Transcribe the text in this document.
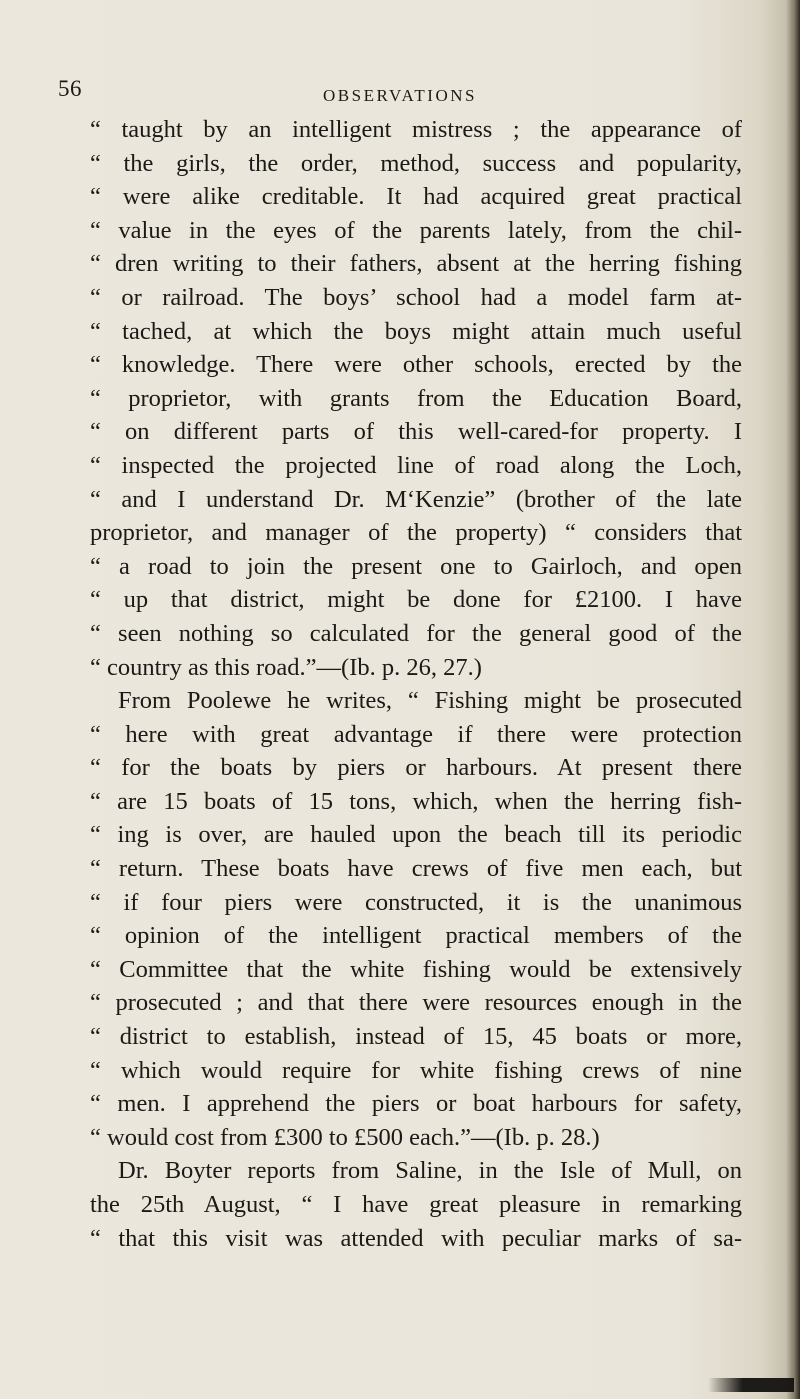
56	OBSERVATIONS
“ taught by an intelligent mistress ; the appearance of
“ the girls, the order, method, success and popularity,
“ were alike creditable. It had acquired great practical
“ value in the eyes of the parents lately, from the chil-
“ dren writing to their fathers, absent at the herring fishing
“ or railroad. The boys’ school had a model farm at-
“ tached, at which the boys might attain much useful
“ knowledge. There were other schools, erected by the
“ proprietor, with grants from the Education Board,
“ on different parts of this well-cared-for property. I
“ inspected the projected line of road along the Loch,
“ and I understand Dr. M‘Kenzie” (brother of the late
proprietor, and manager of the property) “ considers that
“ a road to join the present one to Gairloch, and open
“ up that district, might be done for £2100. I have
“ seen nothing so calculated for the general good of the
“ country as this road.”—(Ib. p. 26, 27.)
From Poolewe he writes, “ Fishing might be prosecuted
“ here with great advantage if there were protection
“ for the boats by piers or harbours. At present there
“ are 15 boats of 15 tons, which, when the herring fish-
“ ing is over, are hauled upon the beach till its periodic
“ return. These boats have crews of five men each, but
“ if four piers were constructed, it is the unanimous
“ opinion of the intelligent practical members of the
“ Committee that the white fishing would be extensively
“ prosecuted ; and that there were resources enough in the
“ district to establish, instead of 15, 45 boats or more,
“ which would require for white fishing crews of nine
“ men. I apprehend the piers or boat harbours for safety,
“ would cost from £300 to £500 each.”—(Ib. p. 28.)
Dr. Boyter reports from Saline, in the Isle of Mull, on
the 25th August, “ I have great pleasure in remarking
“ that this visit was attended with peculiar marks of sa-
